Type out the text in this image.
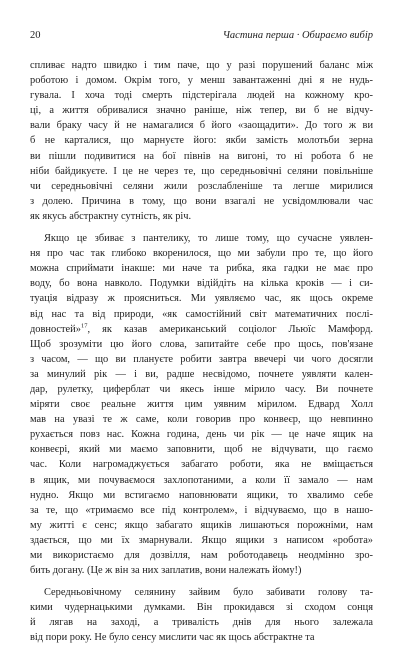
20	Частина перша · Обираємо вибір
спливає надто швидко і тим паче, що у разі порушений баланс між
роботою і домом. Окрім того, у менш завантаженні дні я не нудь-
гувала. І хоча тоді смерть підстерігала людей на кожному кро-
ці, а життя обривалися значно раніше, ніж тепер, ви б не відчу-
вали браку часу й не намагалися б його «заощадити». До того ж ви
б не карталися, що марнуєте його: якби замість молотьби зерна
ви пішли подивитися на бої півнів на вигоні, то ні робота б не
ніби байдикуєте. І це не через те, що середньовічні селяни повільніше
чи середньовічні селяни жили розслабленіше та легше мирилися
з долею. Причина в тому, що вони взагалі не усвідомлювали час
як якусь абстрактну сутність, як річ.
Якщо це збиває з пантелику, то лише тому, що сучасне уявлен-
ня про час так глибоко вкоренилося, що ми забули про те, що його
можна сприймати інакше: ми наче та рибка, яка гадки не має про
воду, бо вона навколо. Подумки відійдіть на кілька кроків — і си-
туація відразу ж проясниться. Ми уявляємо час, як щось окреме
від нас та від природи, «як самостійний світ математичних послі-
довностей»$^{17}$, як казав американський соціолог Льюїс Мамфорд.
Щоб зрозуміти цю його слова, запитайте себе про щось, пов'язане
з часом, — що ви плануєте робити завтра ввечері чи чого досягли
за минулий рік — і ви, радше несвідомо, почнете уявляти калeн-
дар, рулетку, циферблат чи якесь інше мірило часу. Ви почнете
міряти своє реальне життя цим уявним мірилом. Едвард Холл
мав на увазі те ж саме, коли говорив про конвеєр, що невпинно
рухається повз нас. Кожна година, день чи рік — це наче ящик на
конвеєрі, який ми маємо заповнити, щоб не відчувати, що гаємо
час. Коли нагромаджується забагато роботи, яка не вміщається
в ящик, ми почуваємося захлопотаними, а коли її замало — нам
нудно. Якщо ми встигаємо наповнювати ящики, то хвалимо себе
за те, що «тримаємо все під контролем», і відчуваємо, що в нашо-
му житті є сенс; якщо забагато ящиків лишаються порожніми, нам
здається, що ми їх змарнували. Якщо ящики з написом «робота»
ми використаємо для дозвілля, нам роботодавець неодмінно зро-
бить догану. (Це ж він за них заплатив, вони належать йому!)
Середньовічному селянину зайвим було забивати голову та-
кими чудернацькими думками. Він прокидався зі сходом сонця
й лягав на заході, а тривалість днів для нього залежала
від пори року. Не було сенсу мислити час як щось абстрактне та
